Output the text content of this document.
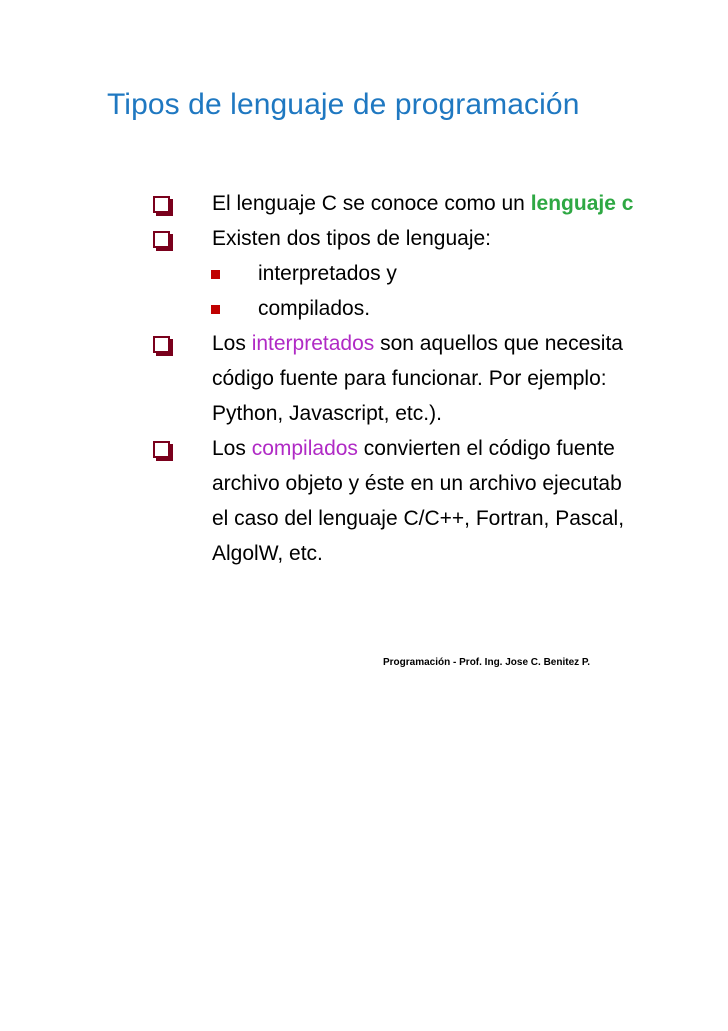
Tipos de lenguaje de programación
El lenguaje C se conoce como un lenguaje c
Existen dos tipos de lenguaje:
interpretados y
compilados.
Los interpretados son aquellos que necesita
código fuente para funcionar. Por ejemplo:
Python, Javascript, etc.).
Los compilados convierten el código fuente
archivo objeto y éste en un archivo ejecutab
el caso del lenguaje C/C++, Fortran, Pascal,
AlgolW, etc.
Programación - Prof. Ing. Jose C. Benitez P.
